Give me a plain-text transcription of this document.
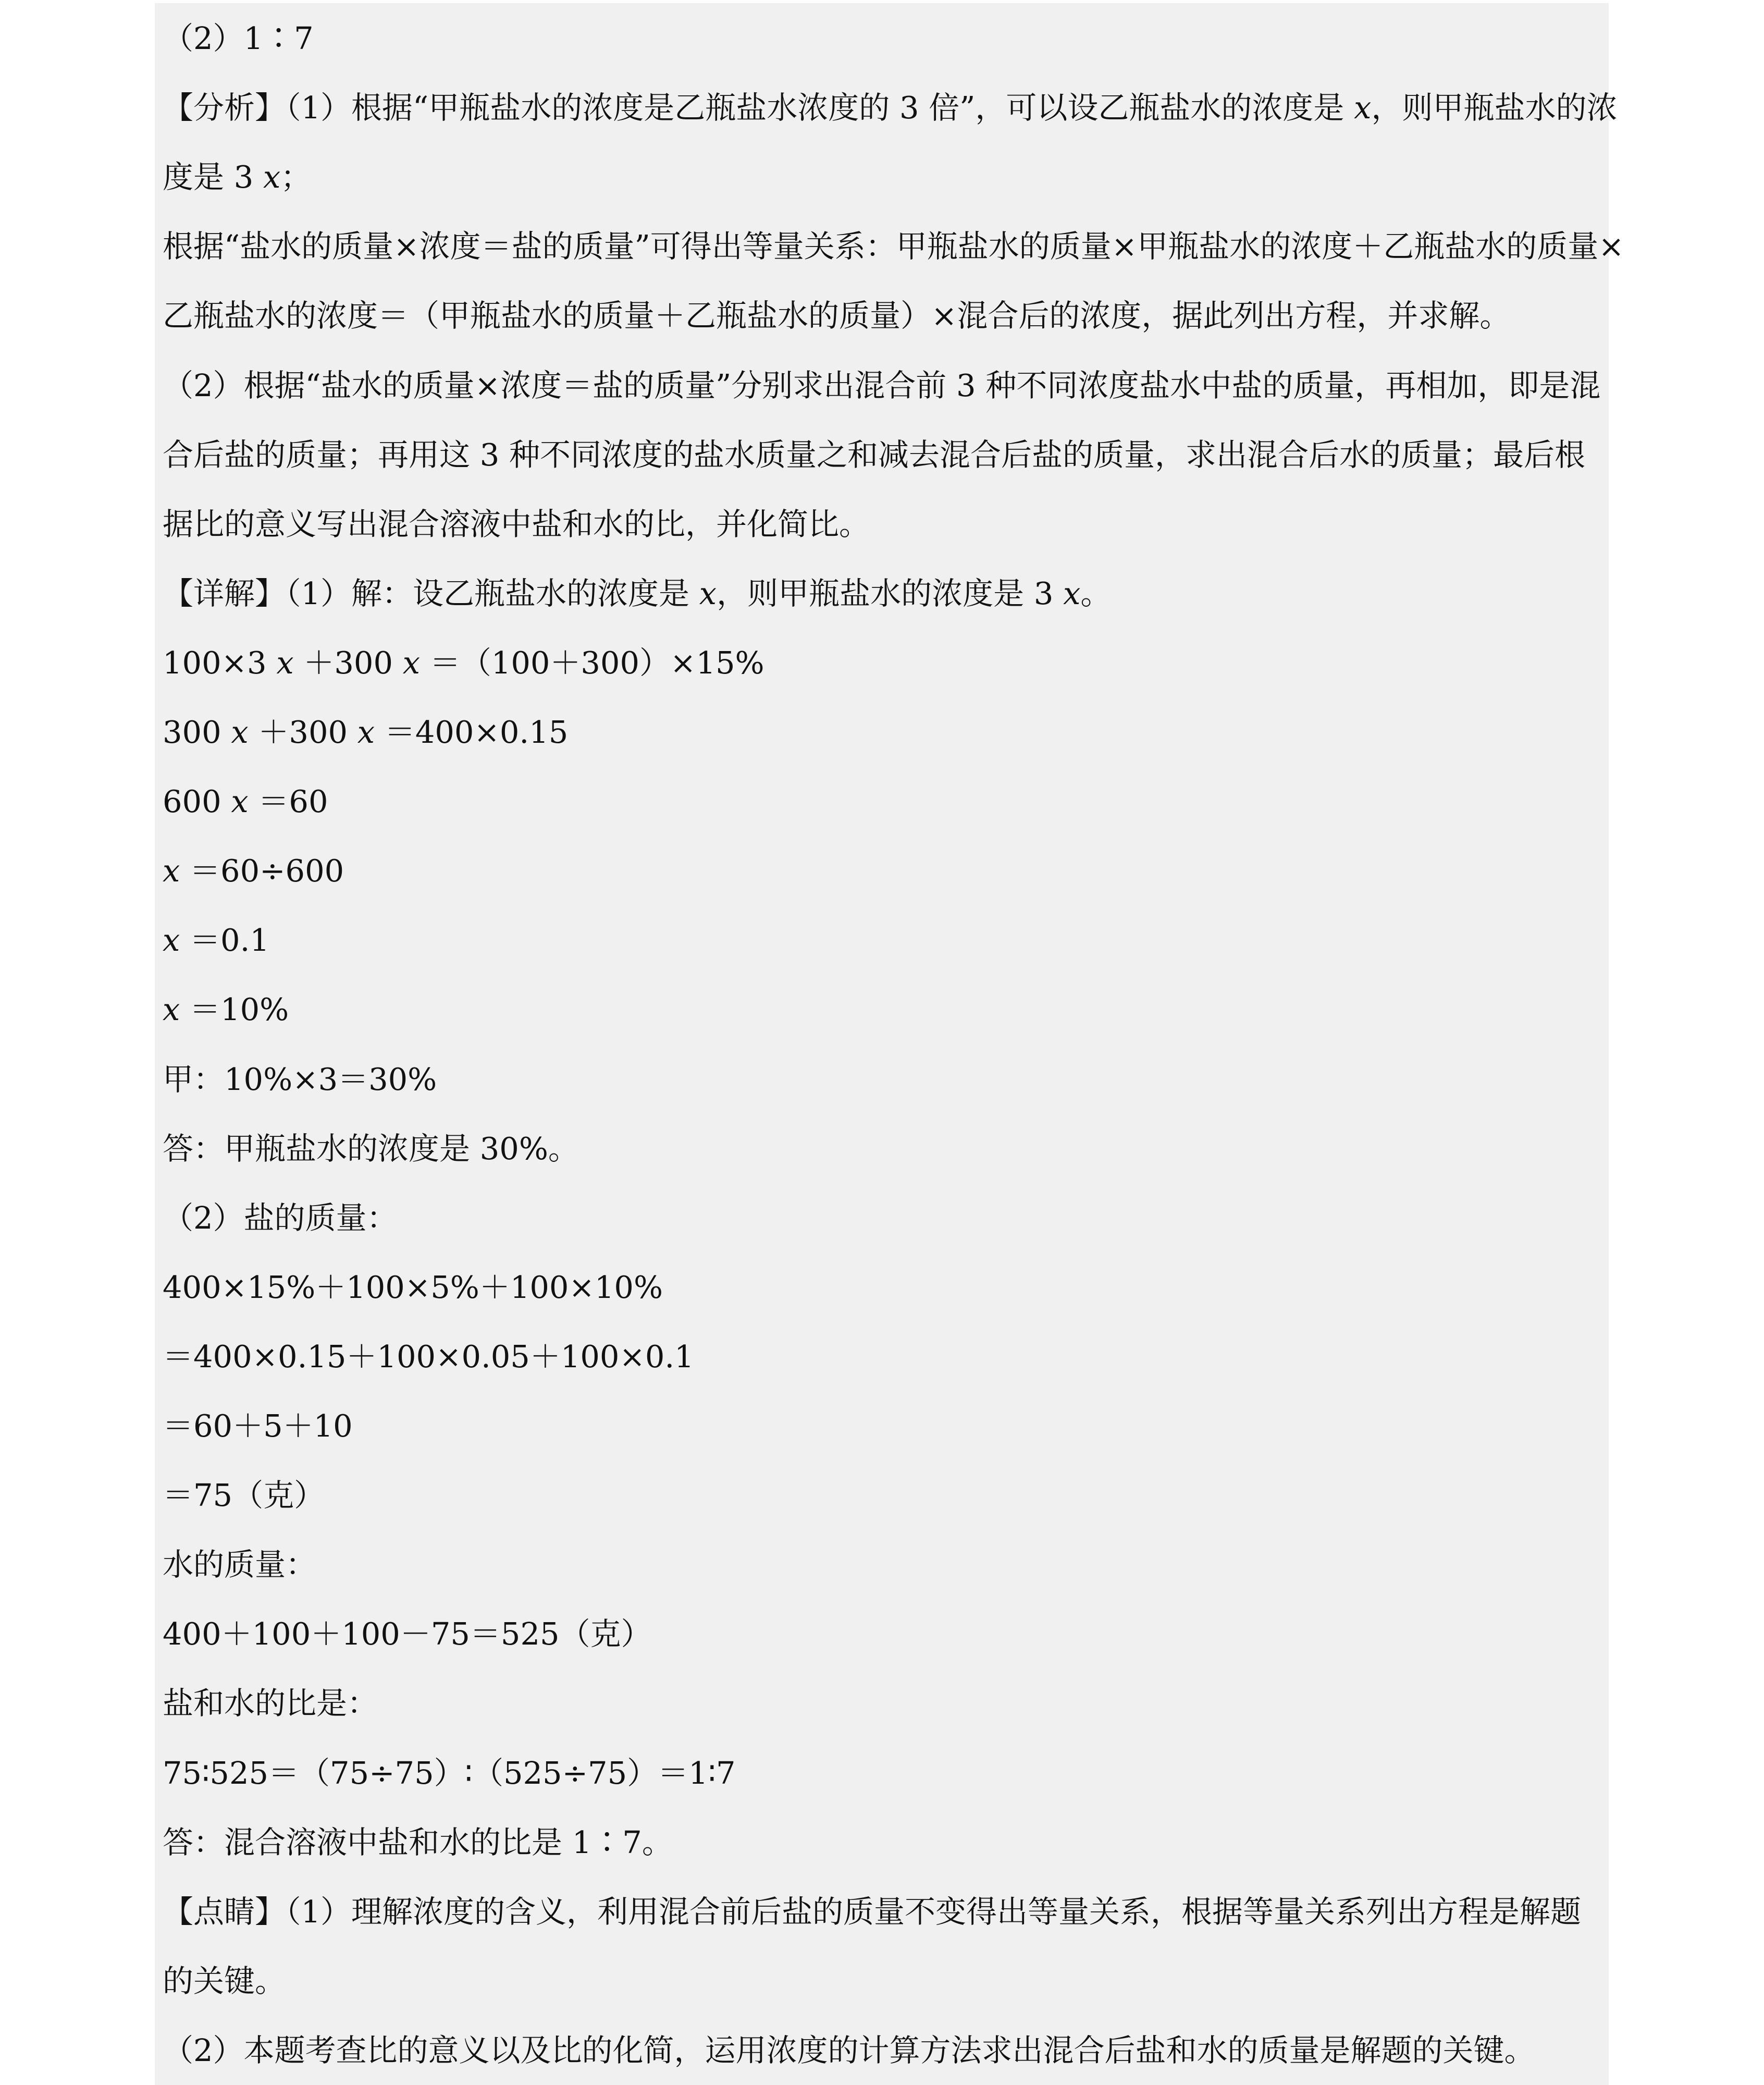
（2）1∶7
【分析】（1）根据“甲瓶盐水的浓度是乙瓶盐水浓度的 3 倍”，可以设乙瓶盐水的浓度是 x，则甲瓶盐水的浓
度是 3 x；
根据“盐水的质量×浓度＝盐的质量”可得出等量关系：甲瓶盐水的质量×甲瓶盐水的浓度＋乙瓶盐水的质量×
乙瓶盐水的浓度＝（甲瓶盐水的质量＋乙瓶盐水的质量）×混合后的浓度，据此列出方程，并求解。
（2）根据“盐水的质量×浓度＝盐的质量”分别求出混合前 3 种不同浓度盐水中盐的质量，再相加，即是混
合后盐的质量；再用这 3 种不同浓度的盐水质量之和减去混合后盐的质量，求出混合后水的质量；最后根
据比的意义写出混合溶液中盐和水的比，并化简比。
【详解】（1）解：设乙瓶盐水的浓度是 x，则甲瓶盐水的浓度是 3 x。
100×3 x ＋300 x ＝（100＋300）×15%
300 x ＋300 x ＝400×0.15
600 x ＝60
x ＝60÷600
x ＝0.1
x ＝10%
甲：10%×3＝30%
答：甲瓶盐水的浓度是 30%。
（2）盐的质量：
400×15%＋100×5%＋100×10%
＝400×0.15＋100×0.05＋100×0.1
＝60＋5＋10
＝75（克）
水的质量：
400＋100＋100－75＝525（克）
盐和水的比是：
75∶525＝（75÷75）∶（525÷75）＝1∶7
答：混合溶液中盐和水的比是 1∶7。
【点睛】（1）理解浓度的含义，利用混合前后盐的质量不变得出等量关系，根据等量关系列出方程是解题
的关键。
（2）本题考查比的意义以及比的化简，运用浓度的计算方法求出混合后盐和水的质量是解题的关键。
